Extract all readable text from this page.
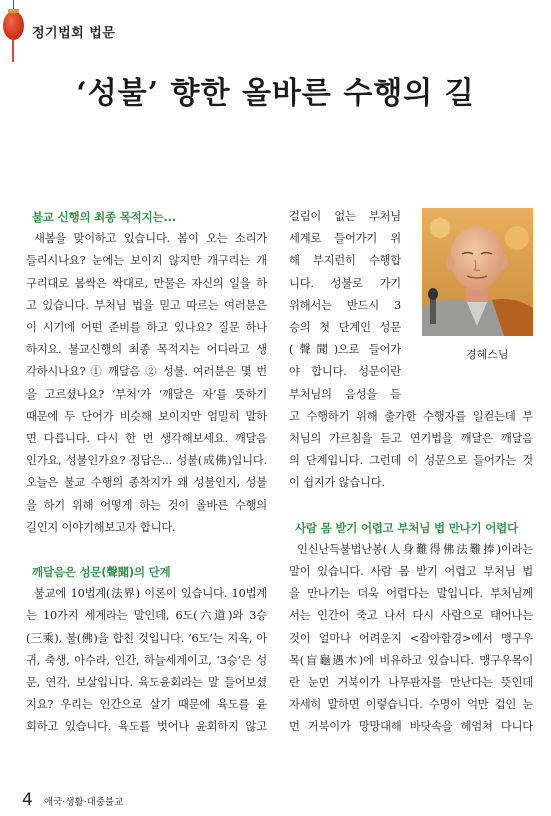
정기법회 법문
‘성불’ 향한 올바른 수행의 길

불교 신행의 최종 목적지는...

새봄을 맞이하고 있습니다. 봄이 오는 소리가
들리시나요? 눈에는 보이지 않지만 개구리는 개
구리대로 봄싹은 싹대로, 만물은 자신의 일을 하
고 있습니다. 부처님 법을 믿고 따르는 여러분은
이 시기에 어떤 준비를 하고 있나요? 질문 하나
하지요. 불교신행의 최종 목적지는 어디라고 생
각하시나요? ① 깨달음 ② 성불. 여러분은 몇 번
을 고르셨나요? ‘부처’가 ‘깨달은 자’를 뜻하기
때문에 두 단어가 비슷해 보이지만 엄밀히 말하
면 다릅니다. 다시 한 번 생각해보세요. 깨달음
인가요, 성불인가요? 정답은... 성불(成佛)입니다.
오늘은 불교 수행의 종착지가 왜 성불인지, 성불
을 하기 위해 어떻게 하는 것이 올바른 수행의
길인지 이야기해보고자 합니다.

깨달음은 성문(聲聞)의 단계

불교에 10법계(法界) 이론이 있습니다. 10법계
는 10가지 세계라는 말인데, 6도(六道)와 3승
(三乘), 불(佛)을 합친 것입니다. ‘6도’는 지옥, 아
귀, 축생, 아수라, 인간, 하늘세계이고, ‘3승’은 성
문, 연각, 보살입니다. 육도윤회라는 말 들어보셨
지요? 우리는 인간으로 살기 때문에 육도를 윤
회하고 있습니다. 육도를 벗어나 윤회하지 않고
걸림이 없는 부처님
세계로 들어가기 위
해 부지런히 수행합
니다. 성불로 가기
위해서는 반드시 3
승의 첫 단계인 성문
(聲聞)으로 들어가
야 합니다. 성문이란
부처님의 음성을 듣
고 수행하기 위해 출가한 수행자를 일컫는데 부
처님의 가르침을 듣고 연기법을 깨달은 깨달음
의 단계입니다. 그런데 이 성문으로 들어가는 것
이 쉽지가 않습니다.

사람 몸 받기 어렵고 부처님 법 만나기 어렵다

인신난득불법난봉(人身難得佛法難捧)이라는
말이 있습니다. 사람 몸 받기 어렵고 부처님 법
을 만나기는 더욱 어렵다는 말입니다. 부처님께
서는 인간이 죽고 나서 다시 사람으로 태어나는
것이 얼마나 어려운지 <잡아함경>에서 맹구우
목(盲龜遇木)에 비유하고 있습니다. 맹구우목이
란 눈먼 거북이가 나무판자를 만난다는 뜻인데
자세히 말하면 이렇습니다. 수명이 억만 겁인 눈
먼 거북이가 망망대해 바닷속을 헤엄쳐 다니다
경혜스님
4 애국·생활·대중불교
